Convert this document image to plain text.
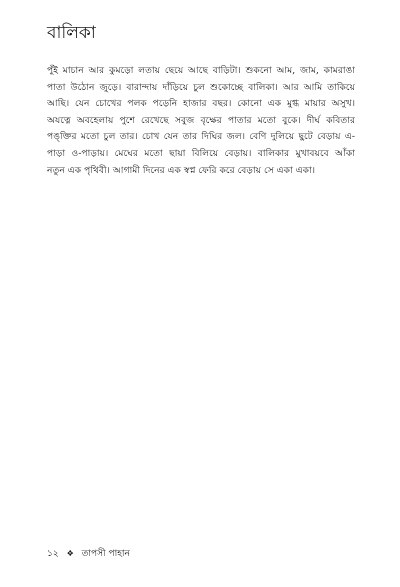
বালিকা

পুঁই মাচান আর কুমড়ো লতায় ছেয়ে আছে বাড়িটা। শুকনো আম, জাম, কামরাঙা
পাতা উঠোন জুড়ে। বারান্দায় দাঁড়িয়ে চুল শুকোচ্ছে বালিকা। আর আমি তাকিয়ে
আছি। যেন চোখের পলক পড়েনি হাজার বছর। কোনো এক মুগ্ধ মায়ার অসুখ।
অযত্নে অবহেলায় পুশে রেখেছে সবুজ বৃক্ষের পাতার মতো বুকে। দীর্ঘ কবিতার
পঙ্‌ক্তির মতো চুল তার। চোখ যেন তার দিঘির জল। বেণি দুলিয়ে ছুটে বেড়ায় এ-
পাড়া ও-পাড়ায়। মেঘের মতো ছায়া বিলিয়ে বেড়ায়। বালিকার মুখাবয়বে আঁকা
নতুন এক পৃথিবী। আগামী দিনের এক স্বপ্ন ফেরি করে বেড়ায় সে একা একা।

১২ ❖ তাপসী পাহান
